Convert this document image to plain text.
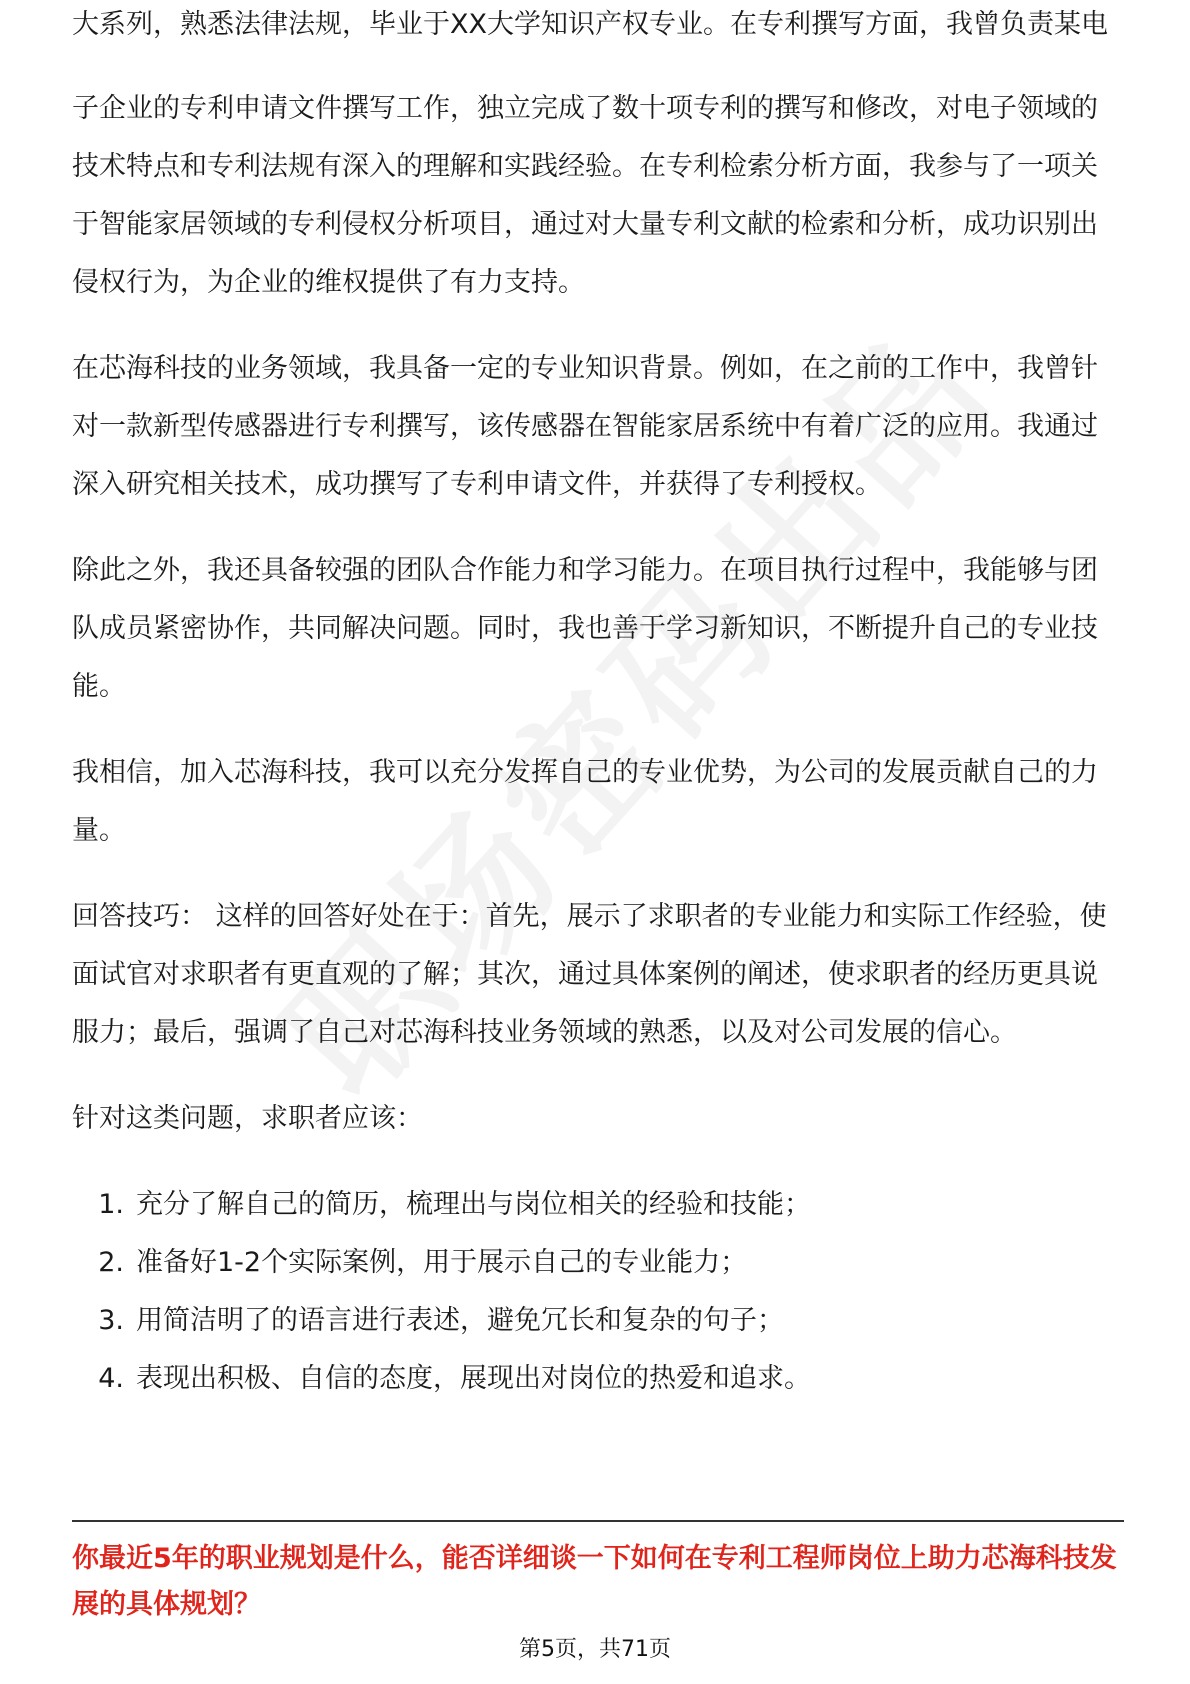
大系列，熟悉法律法规，毕业于XX大学知识产权专业。在专利撰写方面，我曾负责某电

子企业的专利申请文件撰写工作，独立完成了数十项专利的撰写和修改，对电子领域的技术特点和专利法规有深入的理解和实践经验。在专利检索分析方面，我参与了一项关于智能家居领域的专利侵权分析项目，通过对大量专利文献的检索和分析，成功识别出侵权行为，为企业的维权提供了有力支持。

在芯海科技的业务领域，我具备一定的专业知识背景。例如，在之前的工作中，我曾针对一款新型传感器进行专利撰写，该传感器在智能家居系统中有着广泛的应用。我通过深入研究相关技术，成功撰写了专利申请文件，并获得了专利授权。

除此之外，我还具备较强的团队合作能力和学习能力。在项目执行过程中，我能够与团队成员紧密协作，共同解决问题。同时，我也善于学习新知识，不断提升自己的专业技能。

我相信，加入芯海科技，我可以充分发挥自己的专业优势，为公司的发展贡献自己的力量。

回答技巧： 这样的回答好处在于：首先，展示了求职者的专业能力和实际工作经验，使面试官对求职者有更直观的了解；其次，通过具体案例的阐述，使求职者的经历更具说服力；最后，强调了自己对芯海科技业务领域的熟悉，以及对公司发展的信心。

针对这类问题，求职者应该：

1. 充分了解自己的简历，梳理出与岗位相关的经验和技能；
2. 准备好1-2个实际案例，用于展示自己的专业能力；
3. 用简洁明了的语言进行表述，避免冗长和复杂的句子；
4. 表现出积极、自信的态度，展现出对岗位的热爱和追求。

你最近5年的职业规划是什么，能否详细谈一下如何在专利工程师岗位上助力芯海科技发展的具体规划？

第5页，共71页
